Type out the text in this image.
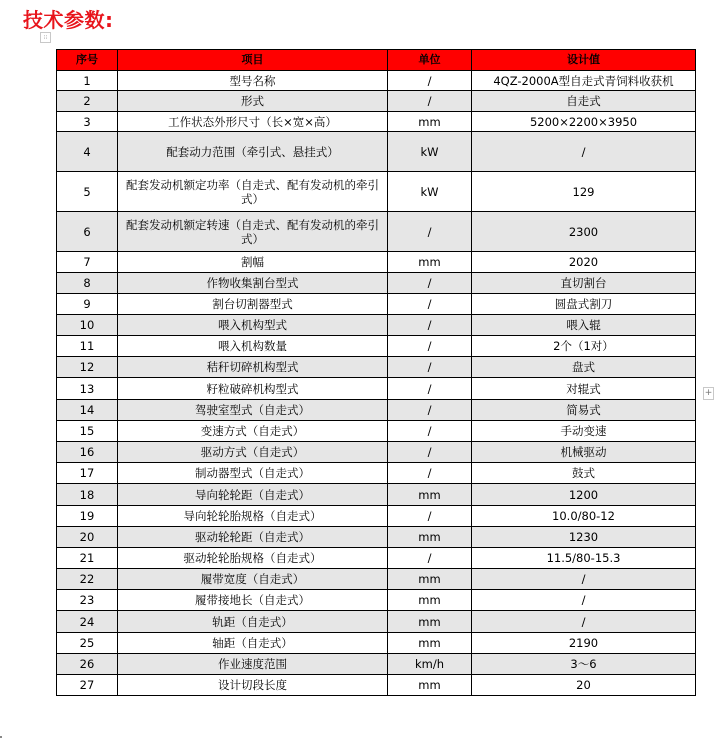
技术参数:
⁝⁝
+
序号	项目	单位	设计值
1	型号名称	/	4QZ-2000A型自走式青饲料收获机
2	形式	/	自走式
3	工作状态外形尺寸（长×宽×高）	mm	5200×2200×3950
4	配套动力范围（牵引式、悬挂式）	kW	/
5	配套发动机额定功率（自走式、配有发动机的牵引式）	kW	129
6	配套发动机额定转速（自走式、配有发动机的牵引式）	/	2300
7	割幅	mm	2020
8	作物收集割台型式	/	直切割台
9	割台切割器型式	/	圆盘式割刀
10	喂入机构型式	/	喂入辊
11	喂入机构数量	/	2个（1对）
12	秸秆切碎机构型式	/	盘式
13	籽粒破碎机构型式	/	对辊式
14	驾驶室型式（自走式）	/	简易式
15	变速方式（自走式）	/	手动变速
16	驱动方式（自走式）	/	机械驱动
17	制动器型式（自走式）	/	鼓式
18	导向轮轮距（自走式）	mm	1200
19	导向轮轮胎规格（自走式）	/	10.0/80-12
20	驱动轮轮距（自走式）	mm	1230
21	驱动轮轮胎规格（自走式）	/	11.5/80-15.3
22	履带宽度（自走式）	mm	/
23	履带接地长（自走式）	mm	/
24	轨距（自走式）	mm	/
25	轴距（自走式）	mm	2190
26	作业速度范围	km/h	3～6
27	设计切段长度	mm	20
